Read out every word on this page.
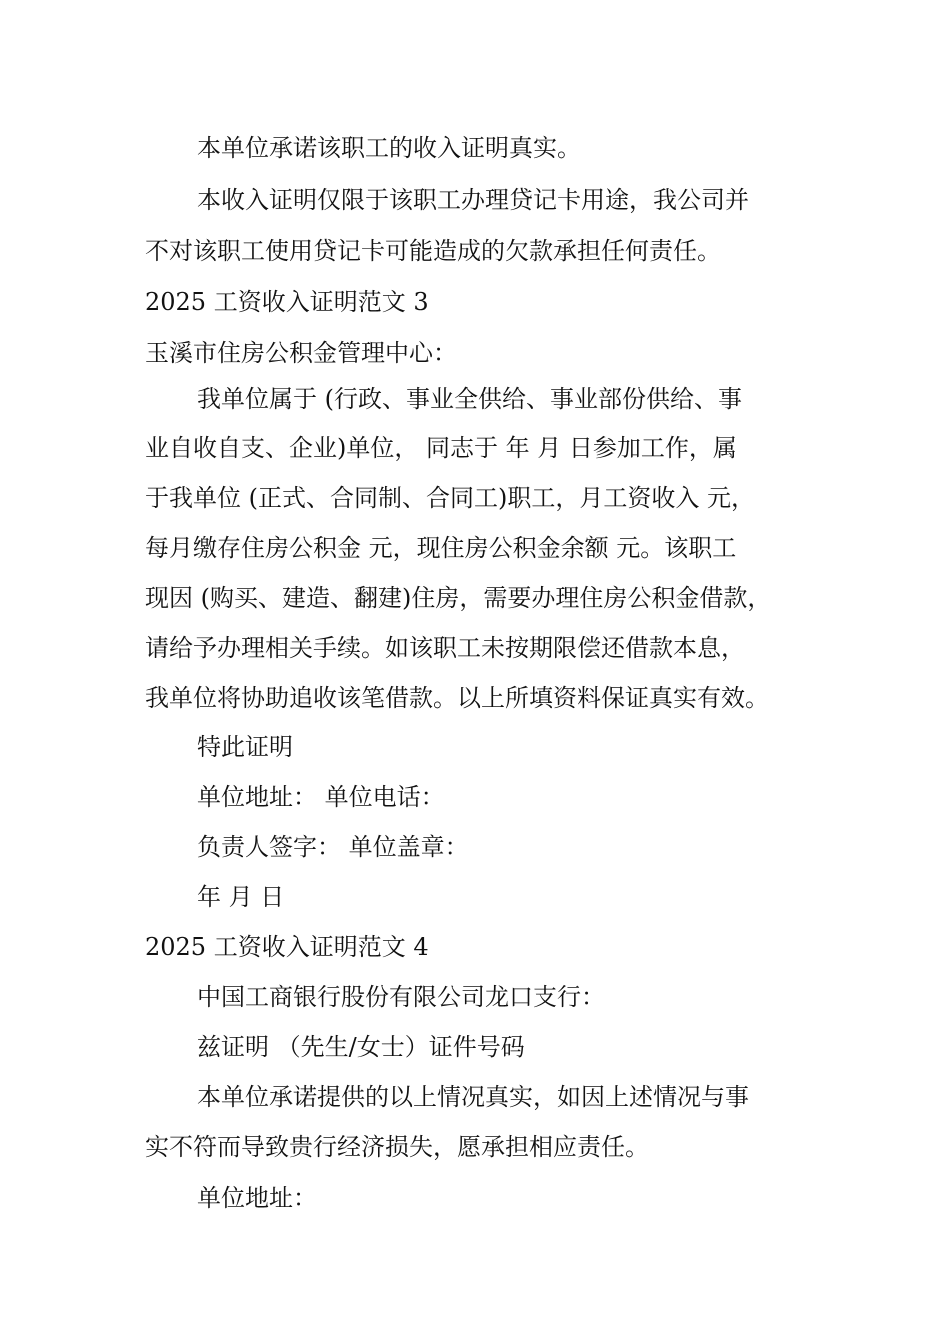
本单位承诺该职工的收入证明真实。
本收入证明仅限于该职工办理贷记卡用途，我公司并
不对该职工使用贷记卡可能造成的欠款承担任何责任。
2025 工资收入证明范文 3
玉溪市住房公积金管理中心：
我单位属于 (行政、事业全供给、事业部份供给、事
业自收自支、企业)单位， 同志于 年 月 日参加工作，属
于我单位 (正式、合同制、合同工)职工，月工资收入 元，
每月缴存住房公积金 元，现住房公积金余额 元。该职工
现因 (购买、建造、翻建)住房，需要办理住房公积金借款，
请给予办理相关手续。如该职工未按期限偿还借款本息，
我单位将协助追收该笔借款。以上所填资料保证真实有效。
特此证明
单位地址： 单位电话：
负责人签字： 单位盖章：
年 月 日
2025 工资收入证明范文 4
中国工商银行股份有限公司龙口支行：
兹证明 （先生/女士）证件号码
本单位承诺提供的以上情况真实，如因上述情况与事
实不符而导致贵行经济损失，愿承担相应责任。
单位地址：
